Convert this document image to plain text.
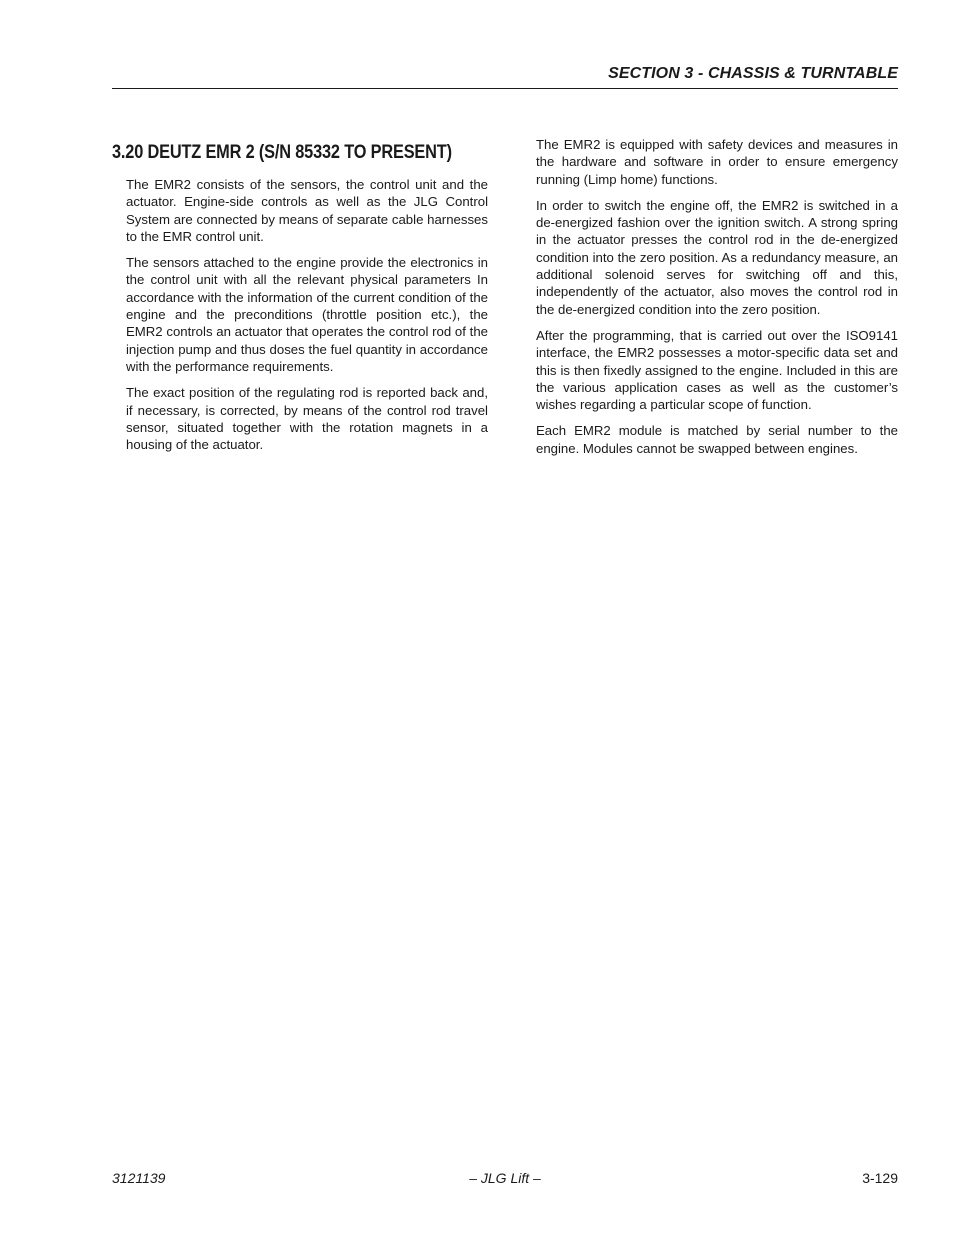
SECTION 3 - CHASSIS & TURNTABLE
3.20 DEUTZ EMR 2 (S/N 85332 TO PRESENT)

The EMR2 consists of the sensors, the control unit and the actuator. Engine-side controls as well as the JLG Control System are connected by means of separate cable harnesses to the EMR control unit.

The sensors attached to the engine provide the electronics in the control unit with all the relevant physical parameters In accordance with the information of the current condition of the engine and the preconditions (throttle position etc.), the EMR2 controls an actuator that operates the control rod of the injection pump and thus doses the fuel quantity in accordance with the performance requirements.

The exact position of the regulating rod is reported back and, if necessary, is corrected, by means of the control rod travel sensor, situated together with the rotation magnets in a housing of the actuator.

The EMR2 is equipped with safety devices and measures in the hardware and software in order to ensure emergency running (Limp home) functions.

In order to switch the engine off, the EMR2 is switched in a de-energized fashion over the ignition switch. A strong spring in the actuator presses the control rod in the de-energized condition into the zero position. As a redundancy measure, an additional solenoid serves for switching off and this, independently of the actuator, also moves the control rod in the de-energized condition into the zero position.

After the programming, that is carried out over the ISO9141 interface, the EMR2 possesses a motor-specific data set and this is then fixedly assigned to the engine. Included in this are the various application cases as well as the customer’s wishes regarding a particular scope of function.

Each EMR2 module is matched by serial number to the engine. Modules cannot be swapped between engines.

3121139	– JLG Lift –	3-129
